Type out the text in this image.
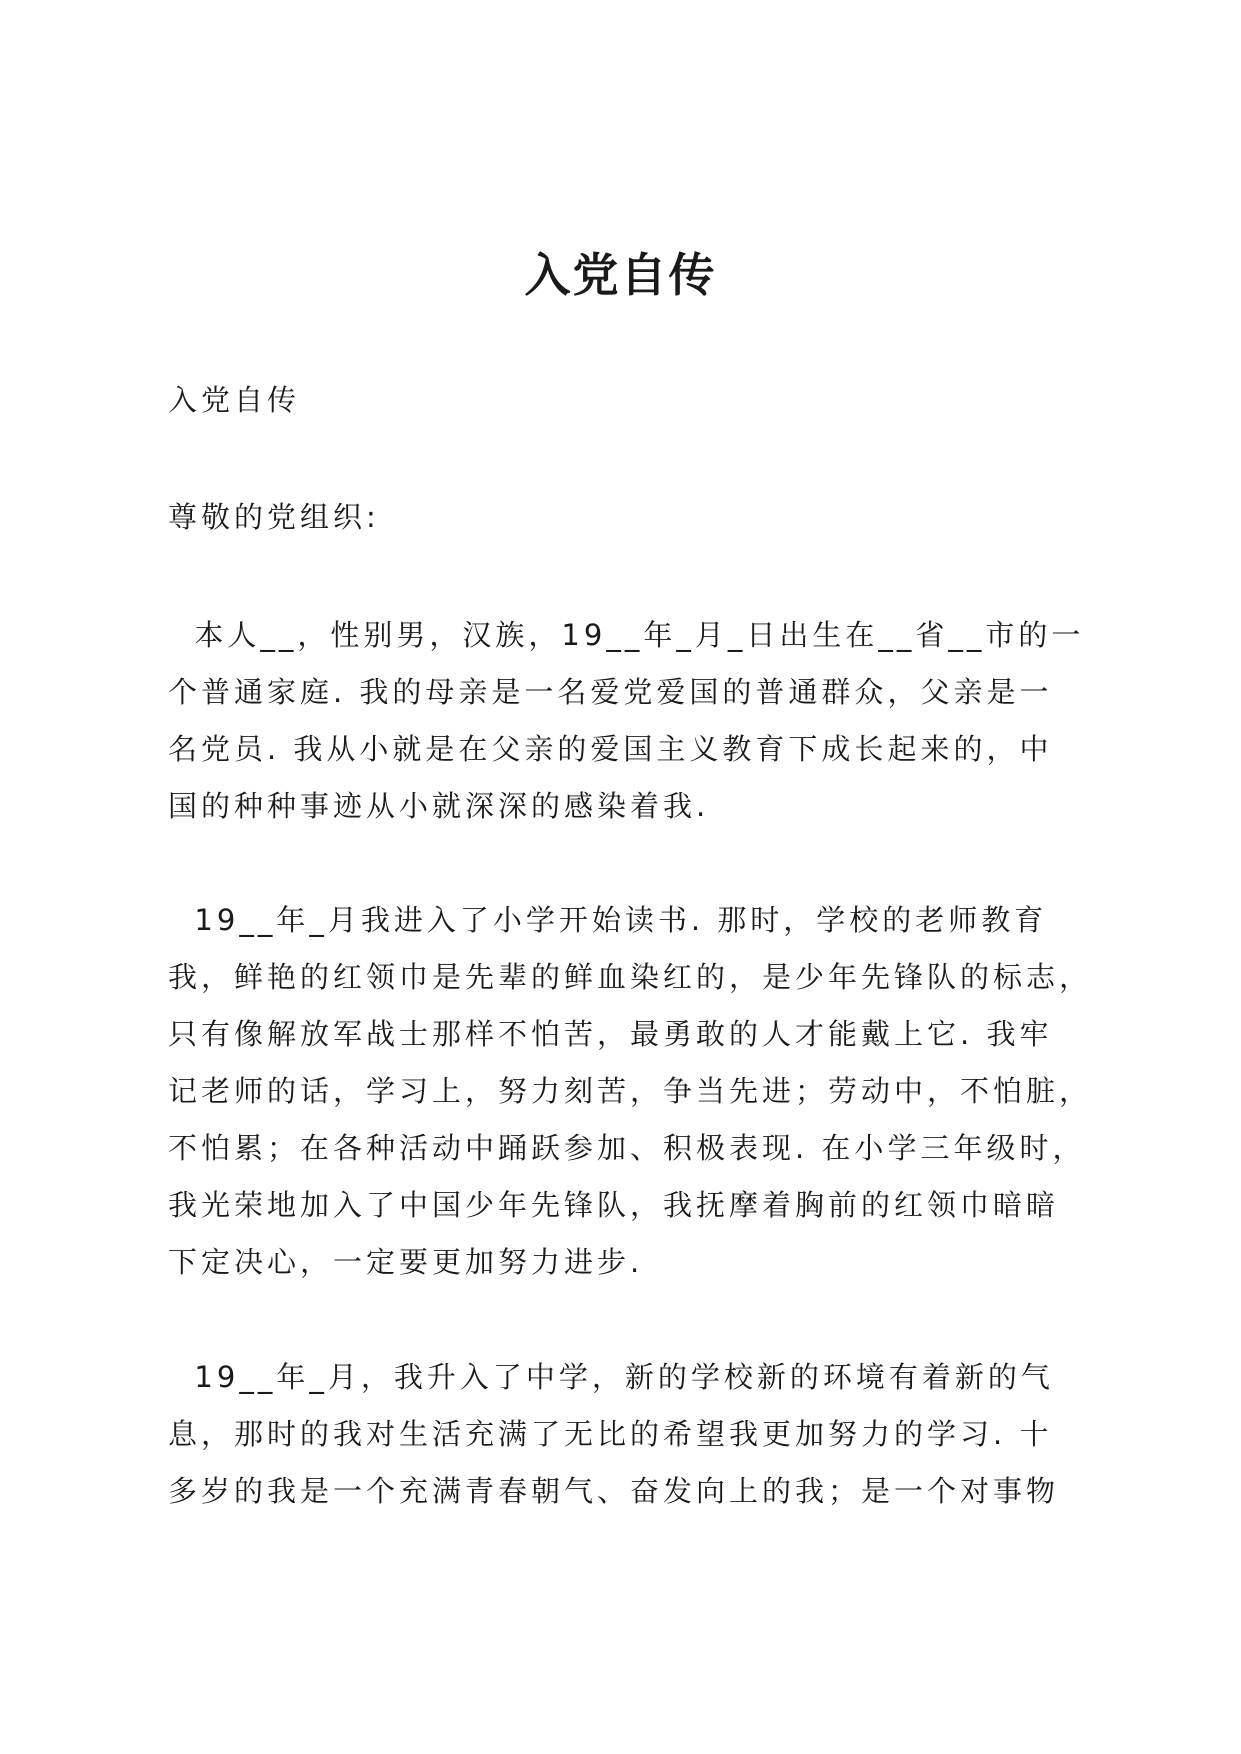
入党自传

入党自传

尊敬的党组织:

本人__，性别男，汉族，19__年_月_日出生在__省__市的一

个普通家庭. 我的母亲是一名爱党爱国的普通群众，父亲是一

名党员. 我从小就是在父亲的爱国主义教育下成长起来的，中

国的种种事迹从小就深深的感染着我.

19__年_月我进入了小学开始读书. 那时，学校的老师教育

我，鲜艳的红领巾是先辈的鲜血染红的，是少年先锋队的标志，

只有像解放军战士那样不怕苦，最勇敢的人才能戴上它. 我牢

记老师的话，学习上，努力刻苦，争当先进；劳动中，不怕脏，

不怕累；在各种活动中踊跃参加、积极表现. 在小学三年级时，

我光荣地加入了中国少年先锋队，我抚摩着胸前的红领巾暗暗

下定决心，一定要更加努力进步.

19__年_月，我升入了中学，新的学校新的环境有着新的气

息，那时的我对生活充满了无比的希望我更加努力的学习. 十

多岁的我是一个充满青春朝气、奋发向上的我；是一个对事物
